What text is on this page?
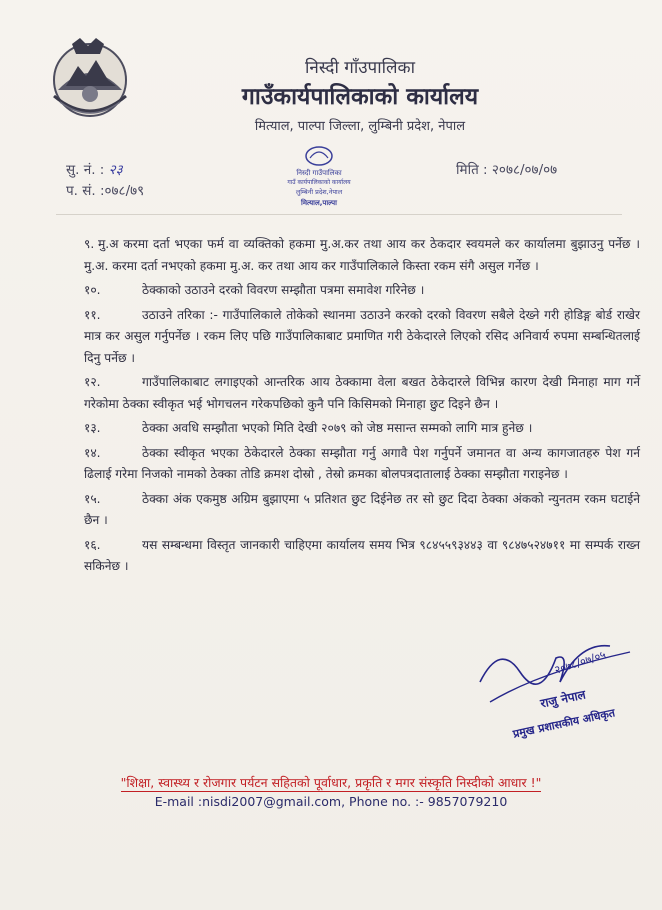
निस्दी गाँउपालिका
गाउँकार्यपालिकाको कार्यालय
मित्याल, पाल्पा जिल्ला, लुम्बिनी प्रदेश, नेपाल
सु. नं. : २३
प. सं. :०७८/७९
निस्दी गाउँपालिका
गाउँ कार्यपालिकाको कार्यालय
लुम्बिनी प्रदेश,नेपाल
मित्याल,पाल्पा
मिति : २०७८/०७/०७
९. मु.अ करमा दर्ता भएका फर्म वा व्यक्तिको हकमा मु.अ.कर तथा आय कर ठेकदार स्वयमले कर कार्यालमा बुझाउनु पर्नेछ । मु.अ. करमा दर्ता नभएको हकमा मु.अ. कर तथा आय कर गाउँपालिकाले किस्ता रकम संगै असुल गर्नेछ ।
१०.	ठेक्काको उठाउने दरको विवरण सम्झौता पत्रमा समावेश गरिनेछ ।
११.	उठाउने तरिका :- गाउँपालिकाले तोकेको स्थानमा उठाउने करको दरको विवरण सबैले देख्ने गरी होडिङ्ग बोर्ड राखेर मात्र कर असुल गर्नुपर्नेछ । रकम लिए पछि गाउँपालिकाबाट प्रमाणित गरी ठेकेदारले लिएको रसिद अनिवार्य रुपमा सम्बन्धितलाई दिनु पर्नेछ ।
१२.	गाउँपालिकाबाट लगाइएको आन्तरिक आय ठेक्कामा वेला बखत ठेकेदारले विभिन्न कारण देखी मिनाहा माग गर्ने गरेकोमा ठेक्का स्वीकृत भई भोगचलन गरेकपछिको कुनै पनि किसिमको मिनाहा छुट दिइने छैन ।
१३.	ठेक्का अवधि सम्झौता भएको मिति देखी २०७९ को जेष्ठ मसान्त सम्मको लागि मात्र हुनेछ ।
१४.	ठेक्का स्वीकृत भएका ठेकेदारले ठेक्का सम्झौता गर्नु अगावै पेश गर्नुपर्ने जमानत वा अन्य कागजातहरु पेश गर्न ढिलाई गरेमा निजको नामको ठेक्का तोडि क्रमश दोस्रो , तेस्रो क्रमका बोलपत्रदातालाई ठेक्का सम्झौता गराइनेछ ।
१५.	ठेक्का अंक एकमुष्ठ अग्रिम बुझाएमा ५ प्रतिशत छुट दिईनेछ तर सो छुट दिदा ठेक्का अंकको न्युनतम रकम घटाईने छैन ।
१६.	यस सम्बन्धमा विस्तृत जानकारी चाहिएमा कार्यालय समय भित्र ९८४५५९३४४३ वा ९८४७५२४७११ मा सम्पर्क राख्न सकिनेछ ।
२०७८/०७/०५
राजु नेपाल
प्रमुख प्रशासकीय अधिकृत
"शिक्षा, स्वास्थ्य र रोजगार पर्यटन सहितको पूर्वाधार, प्रकृति र मगर संस्कृति निस्दीको आधार !"
E-mail :nisdi2007@gmail.com, Phone no. :- 9857079210
